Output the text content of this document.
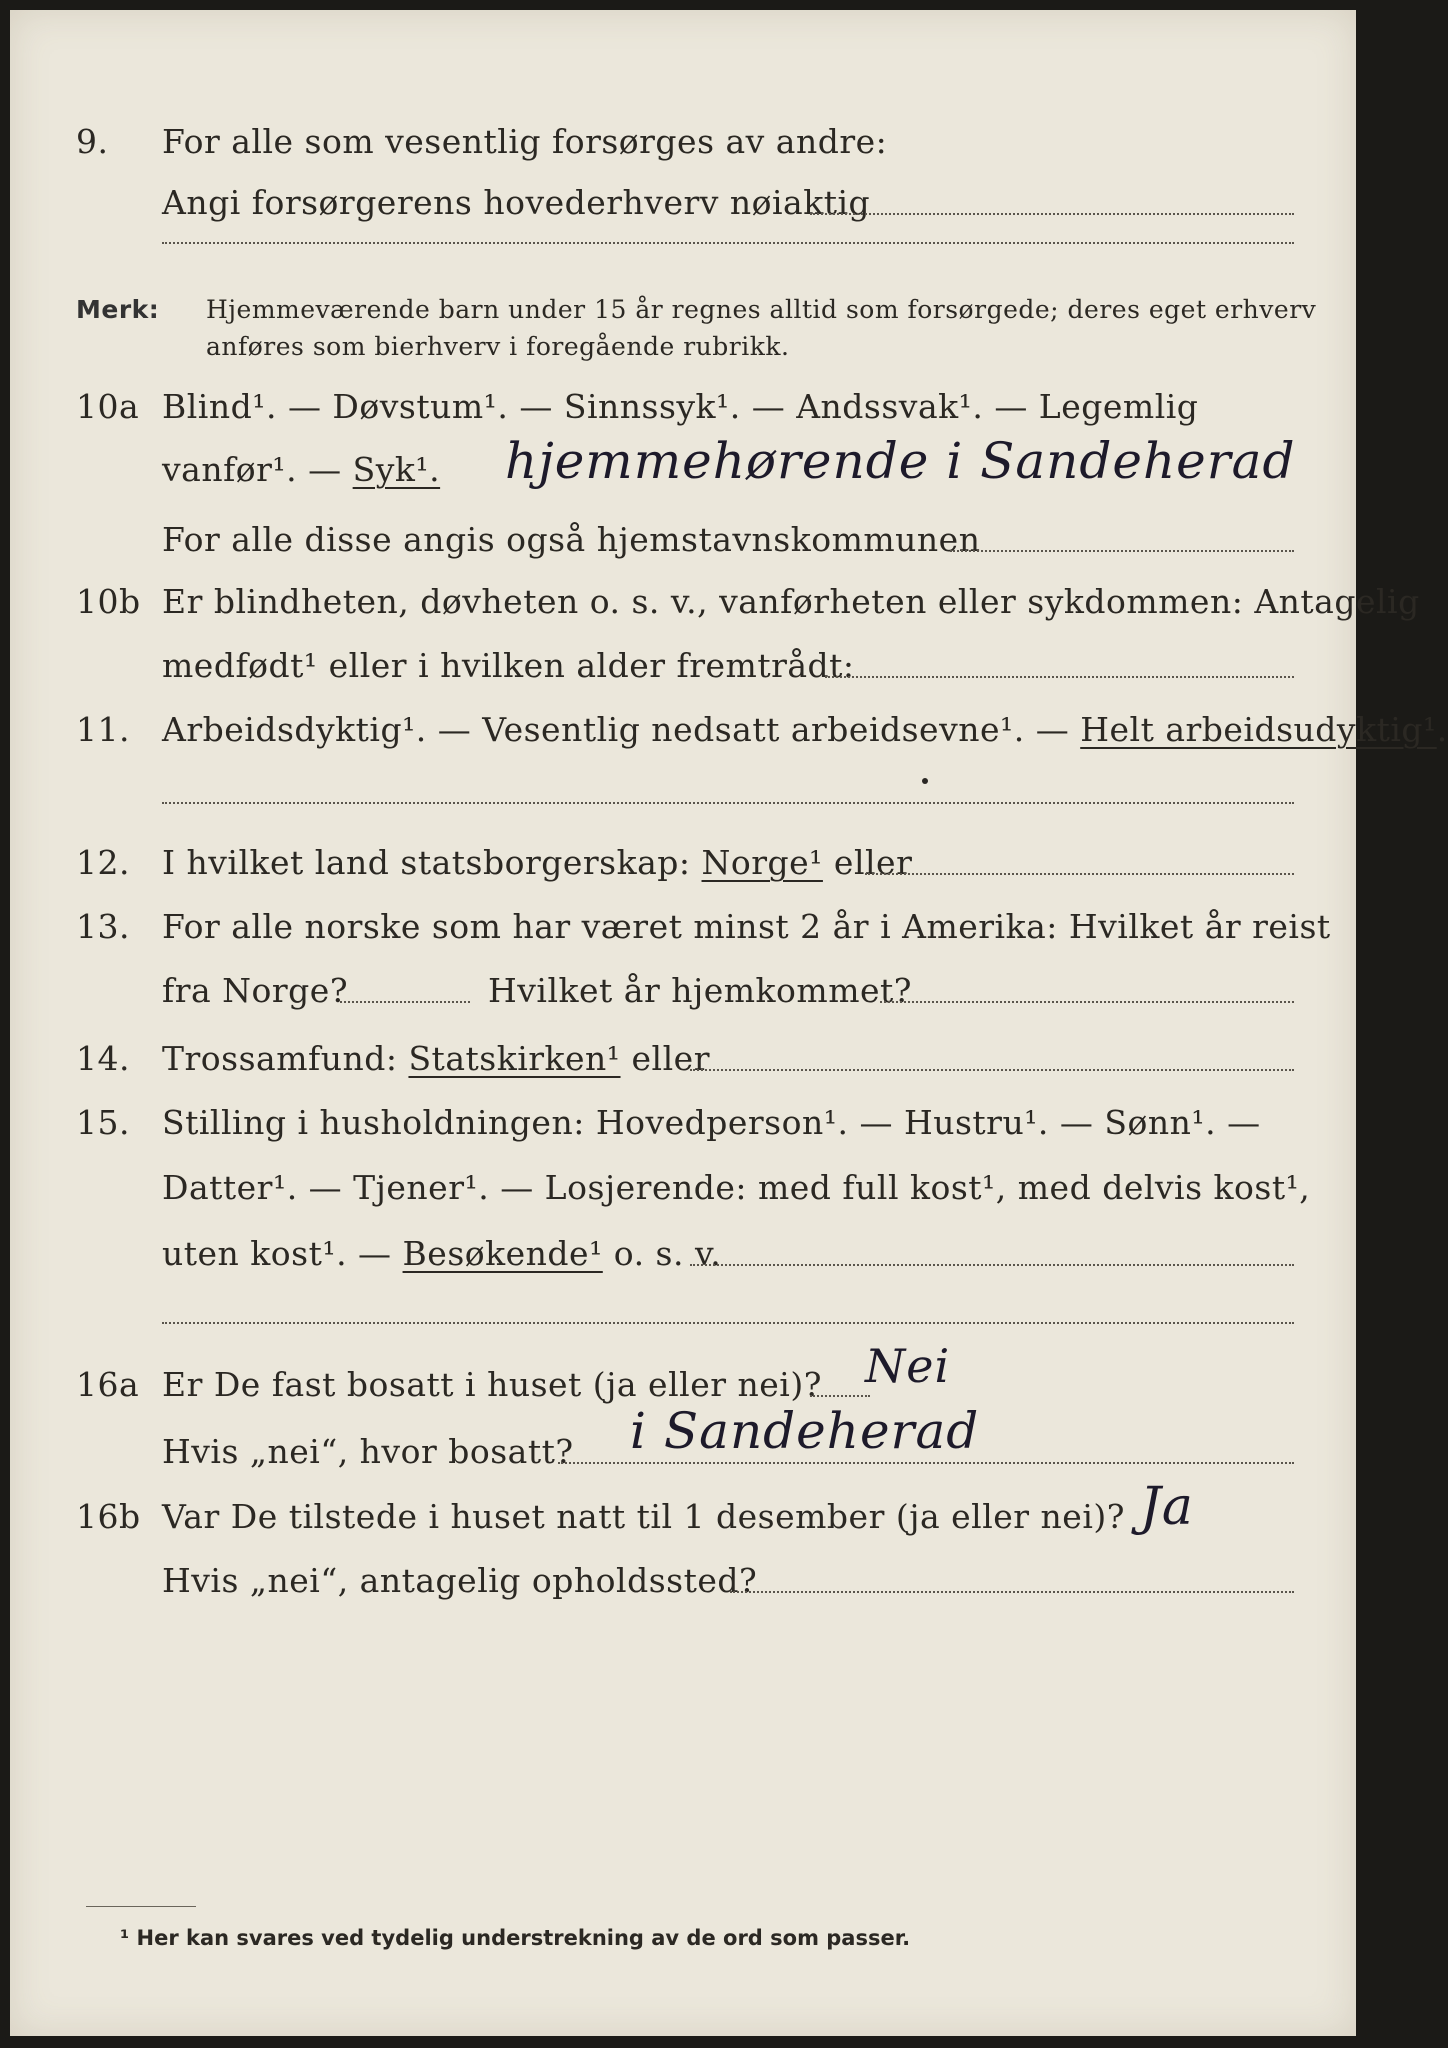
9. For alle som vesentlig forsørges av andre:
Angi forsørgerens hovederhverv nøiaktig
Merk: Hjemmeværende barn under 15 år regnes alltid som forsørgede; deres eget erhverv
anføres som bierhverv i foregående rubrikk.
10a Blind¹. — Døvstum¹. — Sinnssyk¹. — Andssvak¹. — Legemlig
vanfør¹. — Syk¹. hjemmehørende i Sandeherad
For alle disse angis også hjemstavnskommunen
10b Er blindheten, døvheten o. s. v., vanførheten eller sykdommen: Antagelig
medfødt¹ eller i hvilken alder fremtrådt:
11. Arbeidsdyktig¹. — Vesentlig nedsatt arbeidsevne¹. — Helt arbeidsudyktig¹.
12. I hvilket land statsborgerskap: Norge¹ eller
13. For alle norske som har været minst 2 år i Amerika: Hvilket år reist
fra Norge?	Hvilket år hjemkommet?
14. Trossamfund: Statskirken¹ eller
15. Stilling i husholdningen: Hovedperson¹. — Hustru¹. — Sønn¹. —
Datter¹. — Tjener¹. — Losjerende: med full kost¹, med delvis kost¹,
uten kost¹. — Besøkende¹ o. s. v.
16a Er De fast bosatt i huset (ja eller nei)? Nei
Hvis „nei“, hvor bosatt? i Sandeherad
16b Var De tilstede i huset natt til 1 desember (ja eller nei)? Ja
Hvis „nei“, antagelig opholdssted?
¹ Her kan svares ved tydelig understrekning av de ord som passer.
